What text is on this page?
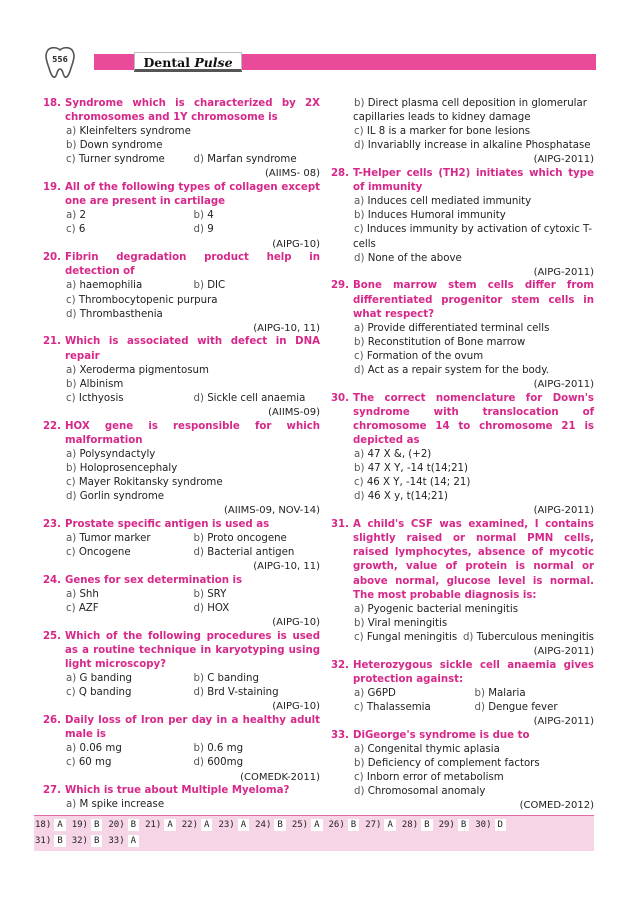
556	Dental Pulse
18. Syndrome which is characterized by 2X chromosomes and 1Y chromosome is
a) Kleinfelters syndrome
b) Down syndrome
c) Turner syndrome	d) Marfan syndrome
(AIIMS- 08)
19. All of the following types of collagen except one are present in cartilage
a) 2	b) 4
c) 6	d) 9
(AIPG-10)
20. Fibrin degradation product help in detection of
a) haemophilia	b) DIC
c) Thrombocytopenic purpura
d) Thrombasthenia
(AIPG-10, 11)
21. Which is associated with defect in DNA repair
a) Xeroderma pigmentosum
b) Albinism
c) Icthyosis	d) Sickle cell anaemia
(AIIMS-09)
22. HOX gene is responsible for which malformation
a) Polysyndactyly
b) Holoprosencephaly
c) Mayer Rokitansky syndrome
d) Gorlin syndrome
(AIIMS-09, NOV-14)
23. Prostate specific antigen is used as
a) Tumor marker	b) Proto oncogene
c) Oncogene	d) Bacterial antigen
(AIPG-10, 11)
24. Genes for sex determination is
a) Shh	b) SRY
c) AZF	d) HOX
(AIPG-10)
25. Which of the following procedures is used as a routine technique in karyotyping using light microscopy?
a) G banding	b) C banding
c) Q banding	d) Brd V-staining
(AIPG-10)
26. Daily loss of Iron per day in a healthy adult male is
a) 0.06 mg	b) 0.6 mg
c) 60 mg	d) 600mg
(COMEDK-2011)
27. Which is true about Multiple Myeloma?
a) M spike increase
b) Direct plasma cell deposition in glomerular capillaries leads to kidney damage
c) IL 8 is a marker for bone lesions
d) Invariablly increase in alkaline Phosphatase
(AIPG-2011)
28. T-Helper cells (TH2) initiates which type of immunity
a) Induces cell mediated immunity
b) Induces Humoral immunity
c) Induces immunity by activation of cytoxic T- cells
d) None of the above
(AIPG-2011)
29. Bone marrow stem cells differ from differentiated progenitor stem cells in what respect?
a) Provide differentiated terminal cells
b) Reconstitution of Bone marrow
c) Formation of the ovum
d) Act as a repair system for the body.
(AIPG-2011)
30. The correct nomenclature for Down's syndrome with translocation of chromosome 14 to chromosome 21 is depicted as
a) 47 X &, (+2)
b) 47 X Y, -14 t(14;21)
c) 46 X Y, -14t (14; 21)
d) 46 X y, t(14;21)
(AIPG-2011)
31. A child's CSF was examined, I contains slightly raised or normal PMN cells, raised lymphocytes, absence of mycotic growth, value of protein is normal or above normal, glucose level is normal. The most probable diagnosis is:
a) Pyogenic bacterial meningitis
b) Viral meningitis
c) Fungal meningitis d) Tuberculous meningitis
(AIPG-2011)
32. Heterozygous sickle cell anaemia gives protection against:
a) G6PD	b) Malaria
c) Thalassemia	d) Dengue fever
(AIPG-2011)
33. DiGeorge's syndrome is due to
a) Congenital thymic aplasia
b) Deficiency of complement factors
c) Inborn error of metabolism
d) Chromosomal anomaly
(COMED-2012)
18) A	19) B	20) B	21) A	22) A	23) A	24) B	25) A	26) B	27) A	28) B	29) B	30) D
31) B	32) B	33) A
